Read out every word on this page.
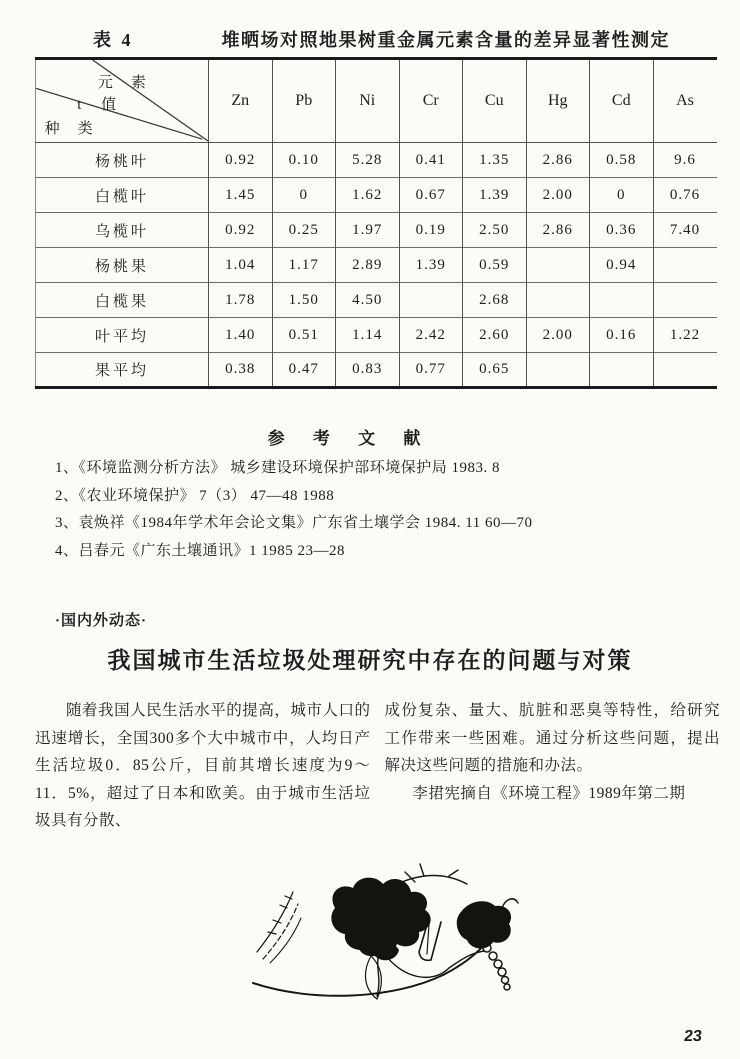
表 4	堆晒场对照地果树重金属元素含量的差异显著性测定
元素
t 值
种类	Zn	Pb	Ni	Cr	Cu	Hg	Cd	As
杨桃叶	0.92	0.10	5.28	0.41	1.35	2.86	0.58	9.6
白榄叶	1.45	0	1.62	0.67	1.39	2.00	0	0.76
乌榄叶	0.92	0.25	1.97	0.19	2.50	2.86	0.36	7.40
杨桃果	1.04	1.17	2.89	1.39	0.59		0.94	
白榄果	1.78	1.50	4.50		2.68			
叶平均	1.40	0.51	1.14	2.42	2.60	2.00	0.16	1.22
果平均	0.38	0.47	0.83	0.77	0.65			
参 考 文 献
1、《环境监测分析方法》 城乡建设环境保护部环境保护局 1983. 8
2、《农业环境保护》 7（3） 47—48 1988
3、袁焕祥《1984年学术年会论文集》广东省土壤学会 1984. 11 60—70
4、吕春元《广东土壤通讯》1 1985 23—28
·国内外动态·
我国城市生活垃圾处理研究中存在的问题与对策

随着我国人民生活水平的提高，城市人口的迅速增长，全国300多个大中城市中，人均日产生活垃圾0．85公斤，目前其增长速度为9～11．5%，超过了日本和欧美。由于城市生活垃圾具有分散、

成份复杂、量大、肮脏和恶臭等特性，给研究工作带来一些困难。通过分析这些问题，提出解决这些问题的措施和办法。

李捃宪摘自《环境工程》1989年第二期

23
